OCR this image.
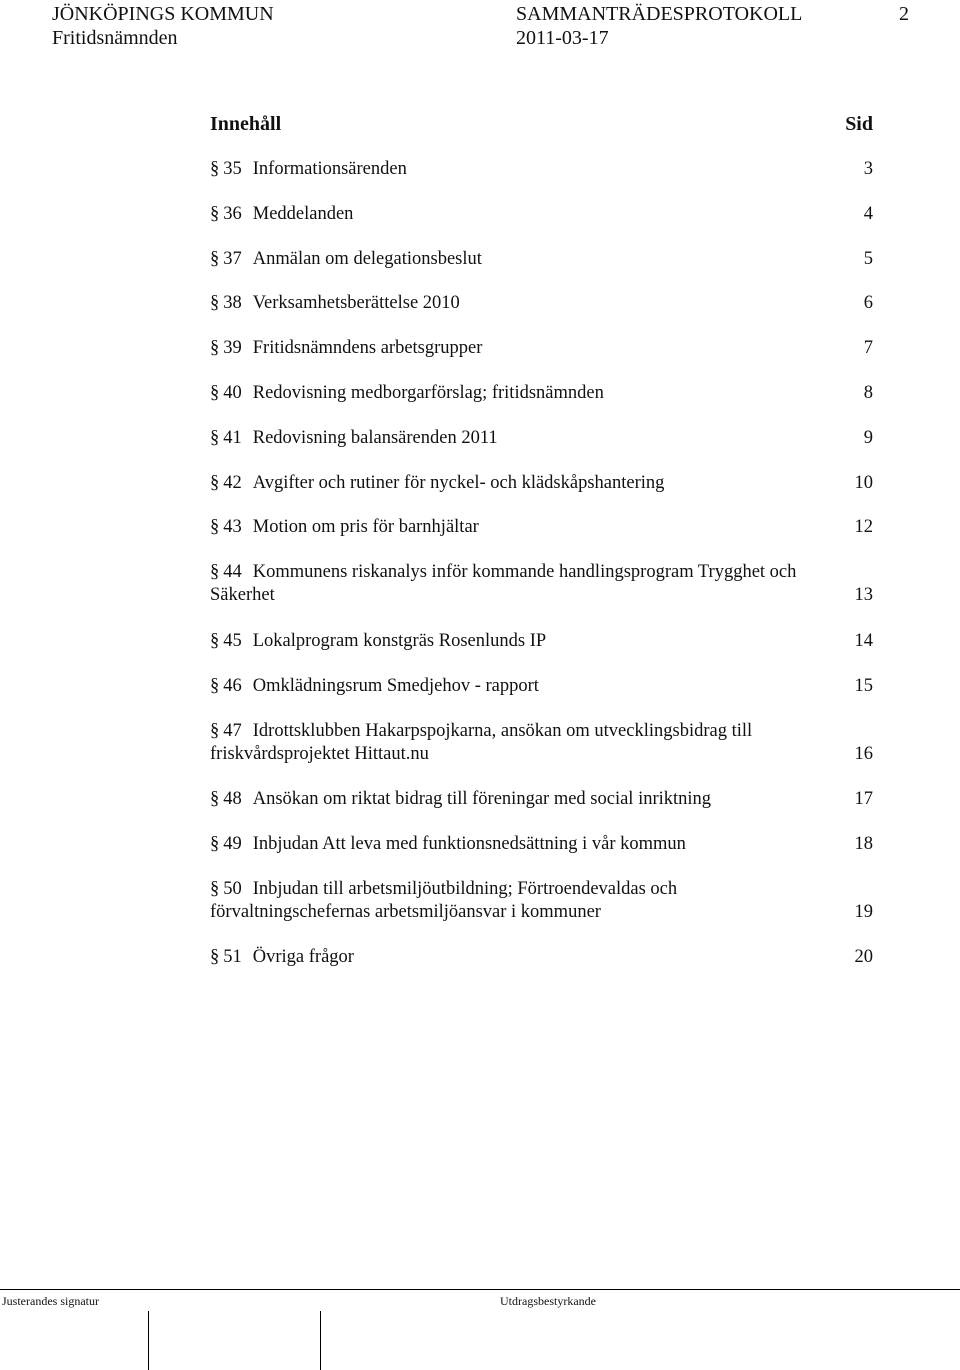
JÖNKÖPINGS KOMMUN
Fritidsnämnden
SAMMANTRÄDESPROTOKOLL
2011-03-17
2
Innehåll	Sid
§ 35 Informationsärenden	3
§ 36 Meddelanden	4
§ 37 Anmälan om delegationsbeslut	5
§ 38 Verksamhetsberättelse 2010	6
§ 39 Fritidsnämndens arbetsgrupper	7
§ 40 Redovisning medborgarförslag; fritidsnämnden	8
§ 41 Redovisning balansärenden 2011	9
§ 42 Avgifter och rutiner för nyckel- och klädskåpshantering	10
§ 43 Motion om pris för barnhjältar	12
§ 44 Kommunens riskanalys inför kommande handlingsprogram Trygghet och
Säkerhet	13
§ 45 Lokalprogram konstgräs Rosenlunds IP	14
§ 46 Omklädningsrum Smedjehov - rapport	15
§ 47 Idrottsklubben Hakarpspojkarna, ansökan om utvecklingsbidrag till
friskvårdsprojektet Hittaut.nu	16
§ 48 Ansökan om riktat bidrag till föreningar med social inriktning	17
§ 49 Inbjudan Att leva med funktionsnedsättning i vår kommun	18
§ 50 Inbjudan till arbetsmiljöutbildning; Förtroendevaldas och
förvaltningschefernas arbetsmiljöansvar i kommuner	19
§ 51 Övriga frågor	20
Justerandes signatur	Utdragsbestyrkande
